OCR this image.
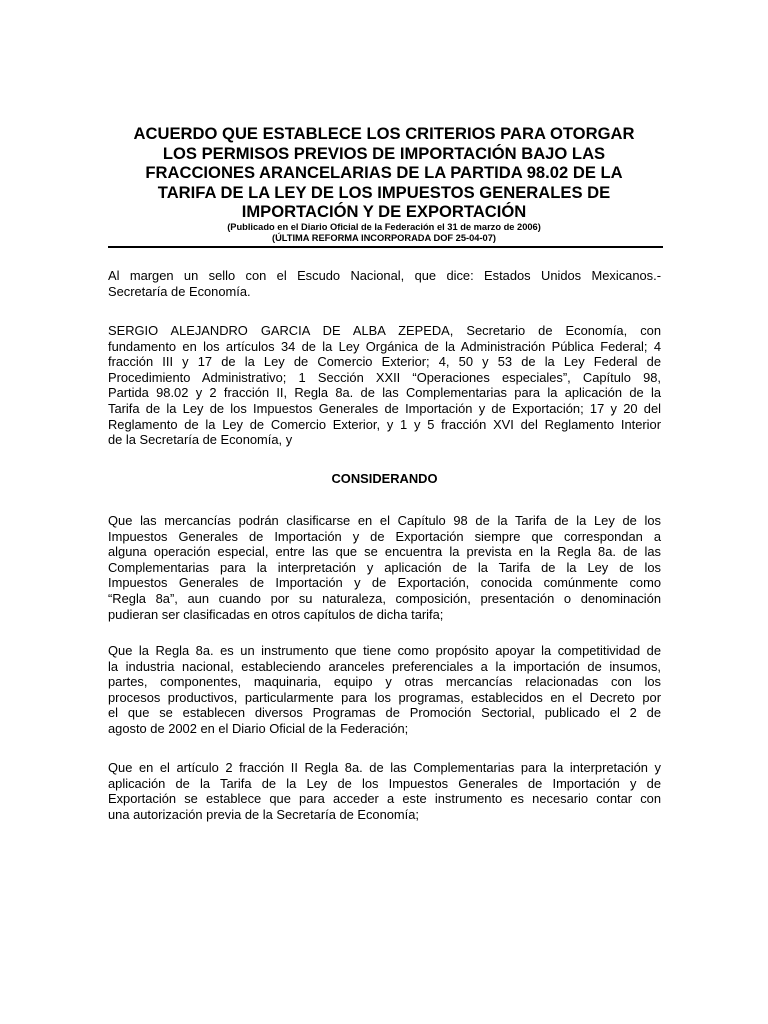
ACUERDO QUE ESTABLECE LOS CRITERIOS PARA OTORGAR
LOS PERMISOS PREVIOS DE IMPORTACIÓN BAJO LAS
FRACCIONES ARANCELARIAS DE LA PARTIDA 98.02 DE LA
TARIFA DE LA LEY DE LOS IMPUESTOS GENERALES DE
IMPORTACIÓN Y DE EXPORTACIÓN
(Publicado en el Diario Oficial de la Federación el 31 de marzo de 2006)
(ÚLTIMA REFORMA INCORPORADA DOF 25-04-07)
Al margen un sello con el Escudo Nacional, que dice: Estados Unidos Mexicanos.-
Secretaría de Economía.
SERGIO ALEJANDRO GARCIA DE ALBA ZEPEDA, Secretario de Economía, con
fundamento en los artículos 34 de la Ley Orgánica de la Administración Pública Federal; 4
fracción III y 17 de la Ley de Comercio Exterior; 4, 50 y 53 de la Ley Federal de
Procedimiento Administrativo; 1 Sección XXII “Operaciones especiales”, Capítulo 98,
Partida 98.02 y 2 fracción II, Regla 8a. de las Complementarias para la aplicación de la
Tarifa de la Ley de los Impuestos Generales de Importación y de Exportación; 17 y 20 del
Reglamento de la Ley de Comercio Exterior, y 1 y 5 fracción XVI del Reglamento Interior
de la Secretaría de Economía, y
CONSIDERANDO
Que las mercancías podrán clasificarse en el Capítulo 98 de la Tarifa de la Ley de los
Impuestos Generales de Importación y de Exportación siempre que correspondan a
alguna operación especial, entre las que se encuentra la prevista en la Regla 8a. de las
Complementarias para la interpretación y aplicación de la Tarifa de la Ley de los
Impuestos Generales de Importación y de Exportación, conocida comúnmente como
“Regla 8a”, aun cuando por su naturaleza, composición, presentación o denominación
pudieran ser clasificadas en otros capítulos de dicha tarifa;
Que la Regla 8a. es un instrumento que tiene como propósito apoyar la competitividad de
la industria nacional, estableciendo aranceles preferenciales a la importación de insumos,
partes, componentes, maquinaria, equipo y otras mercancías relacionadas con los
procesos productivos, particularmente para los programas, establecidos en el Decreto por
el que se establecen diversos Programas de Promoción Sectorial, publicado el 2 de
agosto de 2002 en el Diario Oficial de la Federación;
Que en el artículo 2 fracción II Regla 8a. de las Complementarias para la interpretación y
aplicación de la Tarifa de la Ley de los Impuestos Generales de Importación y de
Exportación se establece que para acceder a este instrumento es necesario contar con
una autorización previa de la Secretaría de Economía;
